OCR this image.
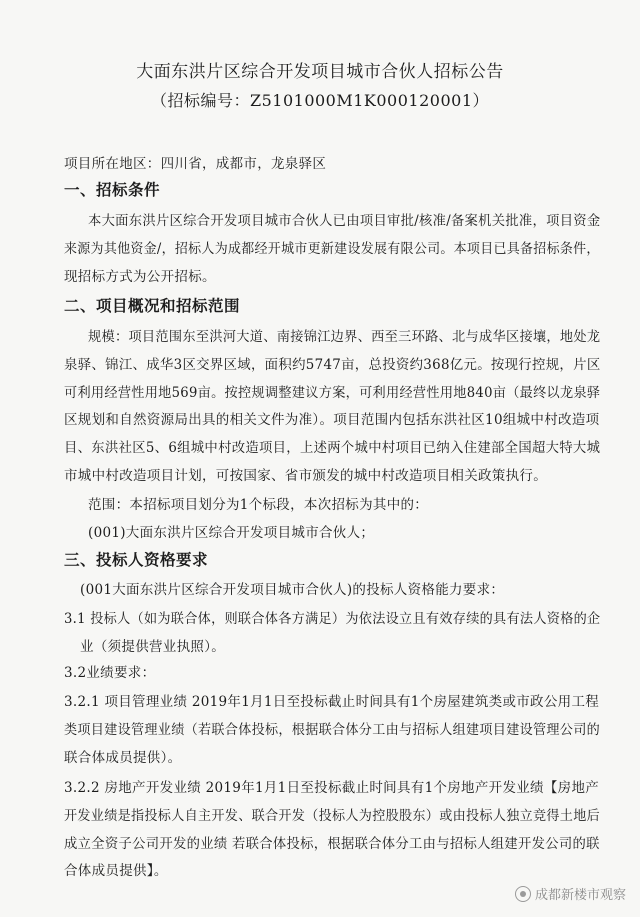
大面东洪片区综合开发项目城市合伙人招标公告
（招标编号：Z5101000M1K000120001）
项目所在地区：四川省，成都市，龙泉驿区
一、招标条件
本大面东洪片区综合开发项目城市合伙人已由项目审批/核准/备案机关批准，项目资金
来源为其他资金/，招标人为成都经开城市更新建设发展有限公司。本项目已具备招标条件，
现招标方式为公开招标。
二、项目概况和招标范围
规模：项目范围东至洪河大道、南接锦江边界、西至三环路、北与成华区接壤，地处龙
泉驿、锦江、成华3区交界区域，面积约5747亩，总投资约368亿元。按现行控规，片区
可利用经营性用地569亩。按控规调整建议方案，可利用经营性用地840亩（最终以龙泉驿
区规划和自然资源局出具的相关文件为准）。项目范围内包括东洪社区10组城中村改造项
目、东洪社区5、6组城中村改造项目，上述两个城中村项目已纳入住建部全国超大特大城
市城中村改造项目计划，可按国家、省市颁发的城中村改造项目相关政策执行。
范围：本招标项目划分为1个标段，本次招标为其中的：
(001)大面东洪片区综合开发项目城市合伙人；
三、投标人资格要求
(001大面东洪片区综合开发项目城市合伙人)的投标人资格能力要求：
3.1 投标人（如为联合体，则联合体各方满足）为依法设立且有效存续的具有法人资格的企
业（须提供营业执照）。
3.2业绩要求：
3.2.1 项目管理业绩 2019年1月1日至投标截止时间具有1个房屋建筑类或市政公用工程
类项目建设管理业绩（若联合体投标，根据联合体分工由与招标人组建项目建设管理公司的
联合体成员提供）。
3.2.2 房地产开发业绩 2019年1月1日至投标截止时间具有1个房地产开发业绩【房地产
开发业绩是指投标人自主开发、联合开发（投标人为控股股东）或由投标人独立竞得土地后
成立全资子公司开发的业绩 若联合体投标，根据联合体分工由与招标人组建开发公司的联
合体成员提供】。
成都新楼市观察
